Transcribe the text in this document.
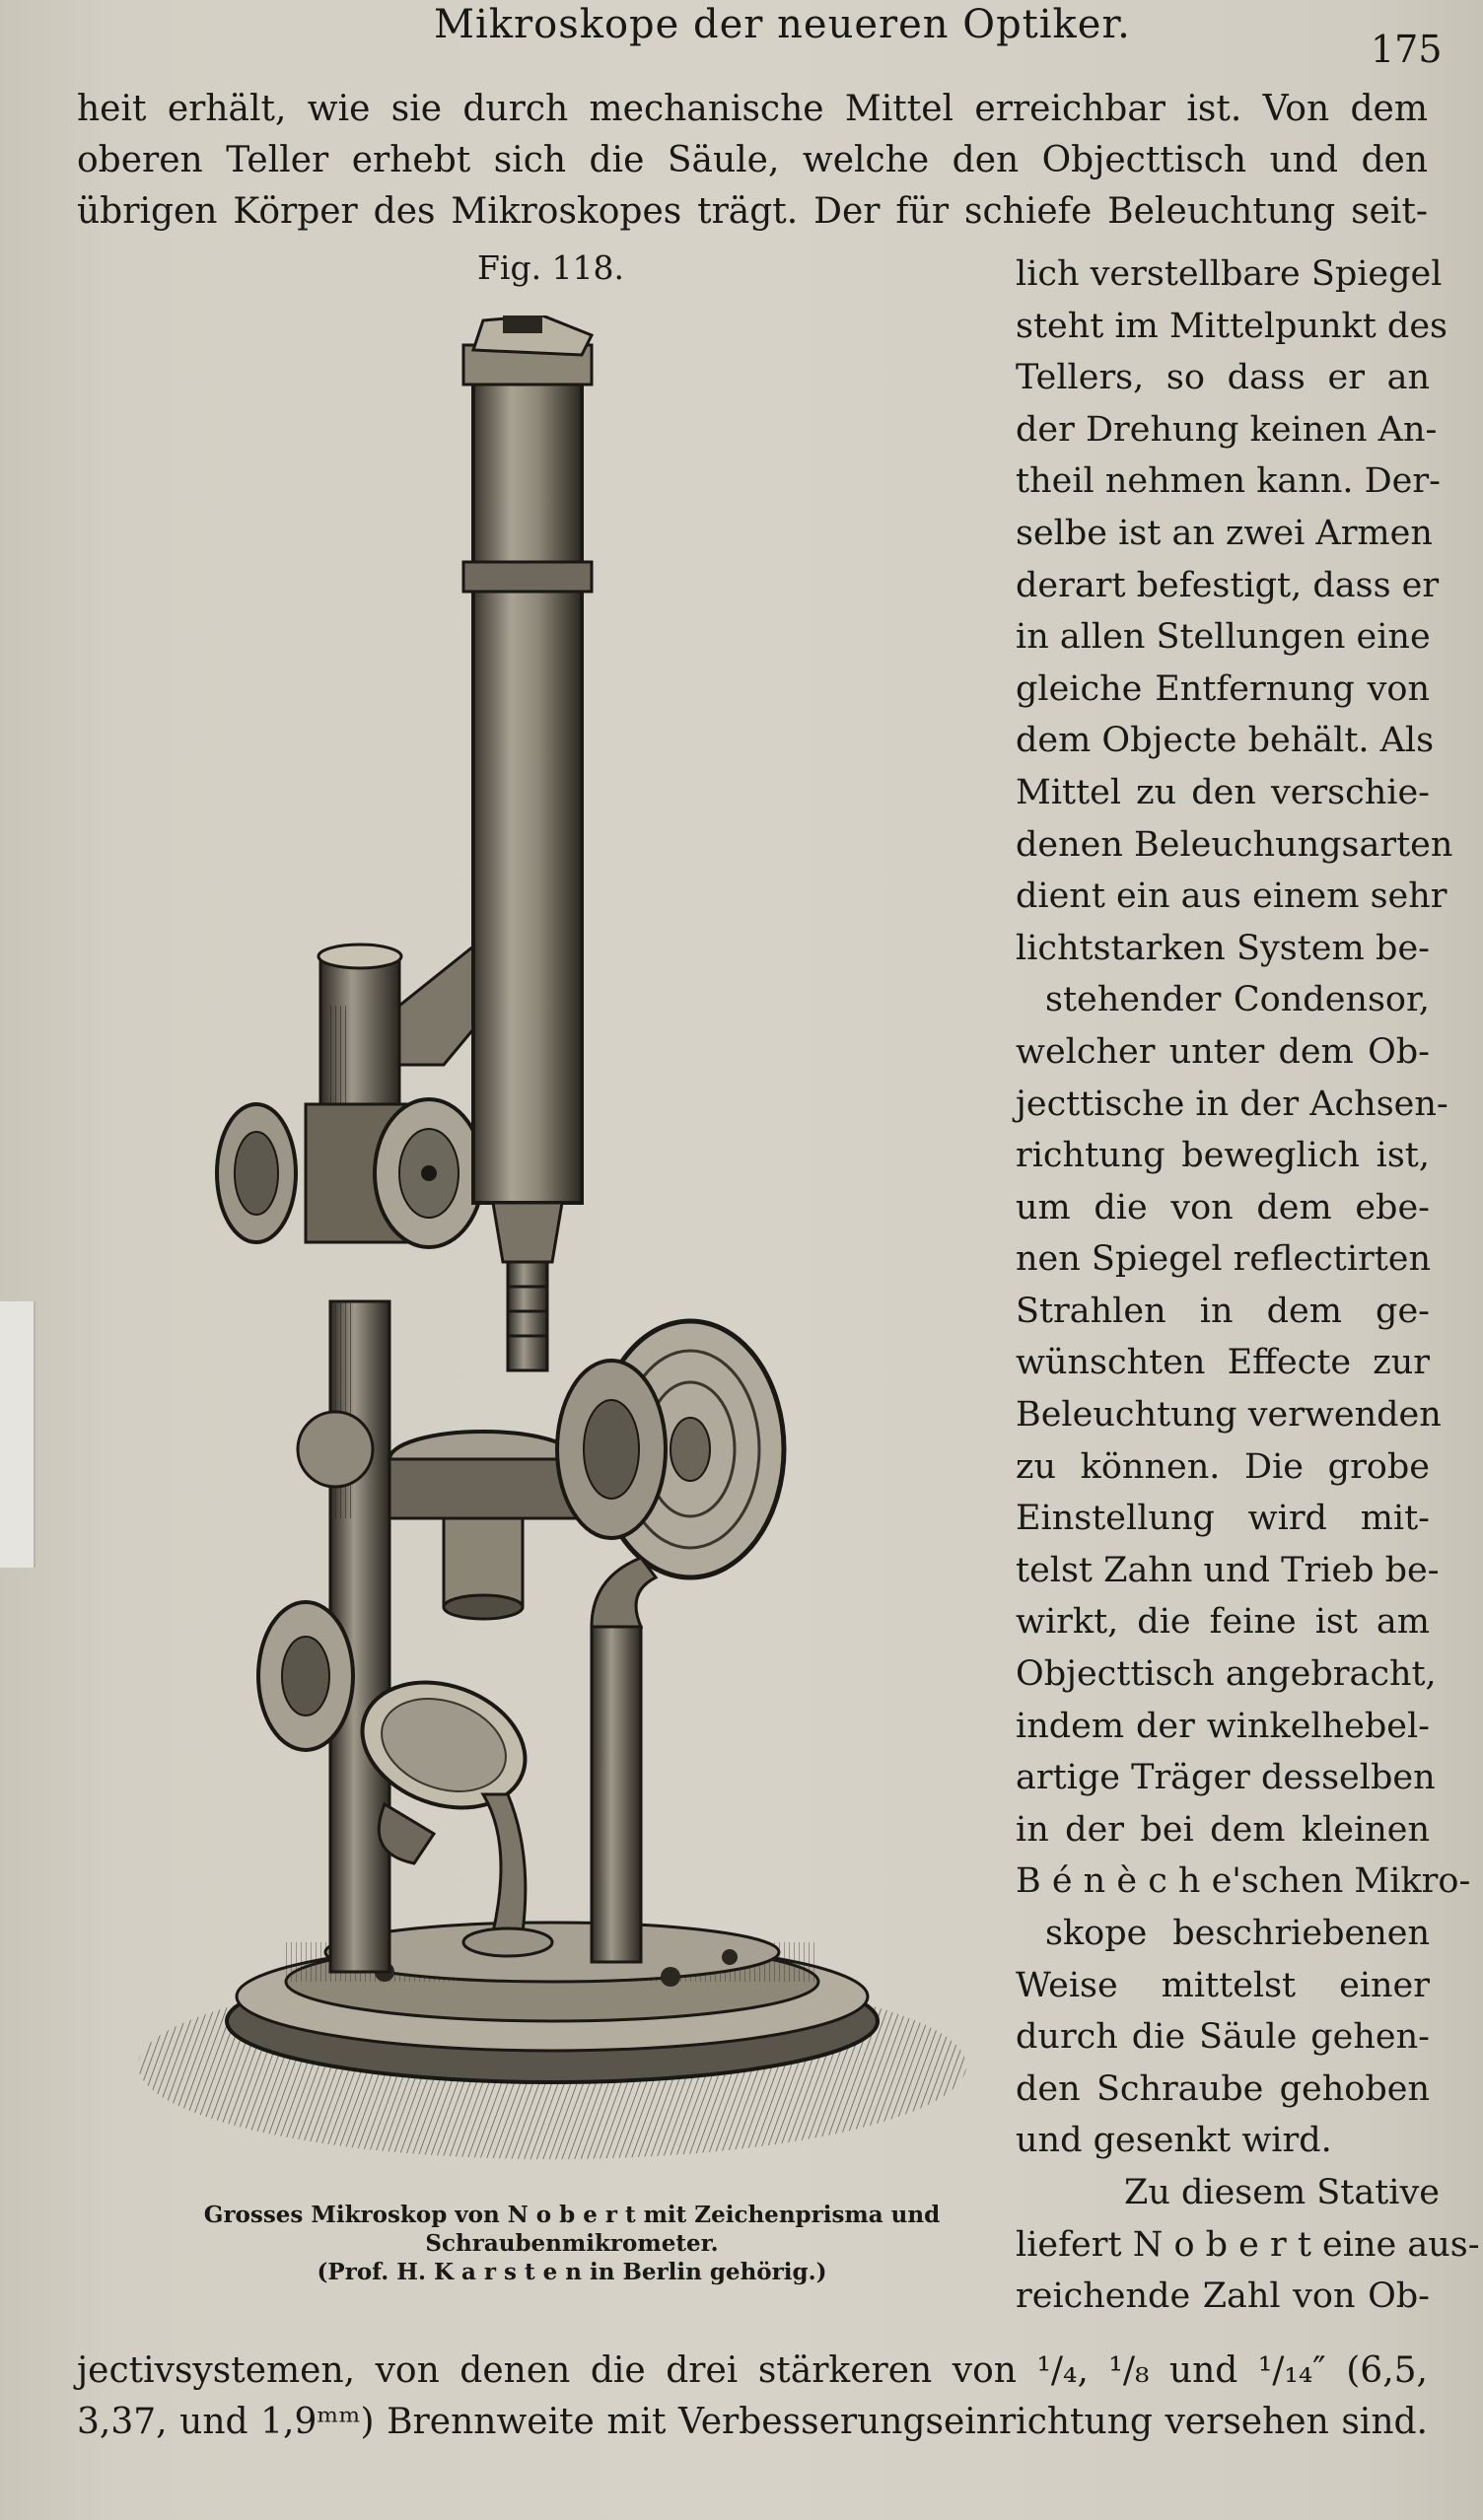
Mikroskope der neueren Optiker.
175
heit erhält, wie sie durch mechanische Mittel erreichbar ist. Von dem
oberen Teller erhebt sich die Säule, welche den Objecttisch und den
übrigen Körper des Mikroskopes trägt. Der für schiefe Beleuchtung seit-
Fig. 118.
Grosses Mikroskop von N o b e r t mit Zeichenprisma und
Schraubenmikrometer.
(Prof. H. K a r s t e n in Berlin gehörig.)
lich verstellbare Spiegel
steht im Mittelpunkt des
Tellers, so dass er an
der Drehung keinen An-
theil nehmen kann. Der-
selbe ist an zwei Armen
derart befestigt, dass er
in allen Stellungen eine
gleiche Entfernung von
dem Objecte behält. Als
Mittel zu den verschie-
denen Beleuchungsarten
dient ein aus einem sehr
lichtstarken System be-
stehender Condensor,
welcher unter dem Ob-
jecttische in der Achsen-
richtung beweglich ist,
um die von dem ebe-
nen Spiegel reflectirten
Strahlen in dem ge-
wünschten Effecte zur
Beleuchtung verwenden
zu können. Die grobe
Einstellung wird mit-
telst Zahn und Trieb be-
wirkt, die feine ist am
Objecttisch angebracht,
indem der winkelhebel-
artige Träger desselben
in der bei dem kleinen
B é n è c h e'schen Mikro-
skope beschriebenen
Weise mittelst einer
durch die Säule gehen-
den Schraube gehoben
und gesenkt wird.
Zu diesem Stative
liefert N o b e r t eine aus-
reichende Zahl von Ob-
jectivsystemen, von denen die drei stärkeren von ¹/₄, ¹/₈ und ¹/₁₄″ (6,5,
3,37, und 1,9ᵐᵐ) Brennweite mit Verbesserungseinrichtung versehen sind.
